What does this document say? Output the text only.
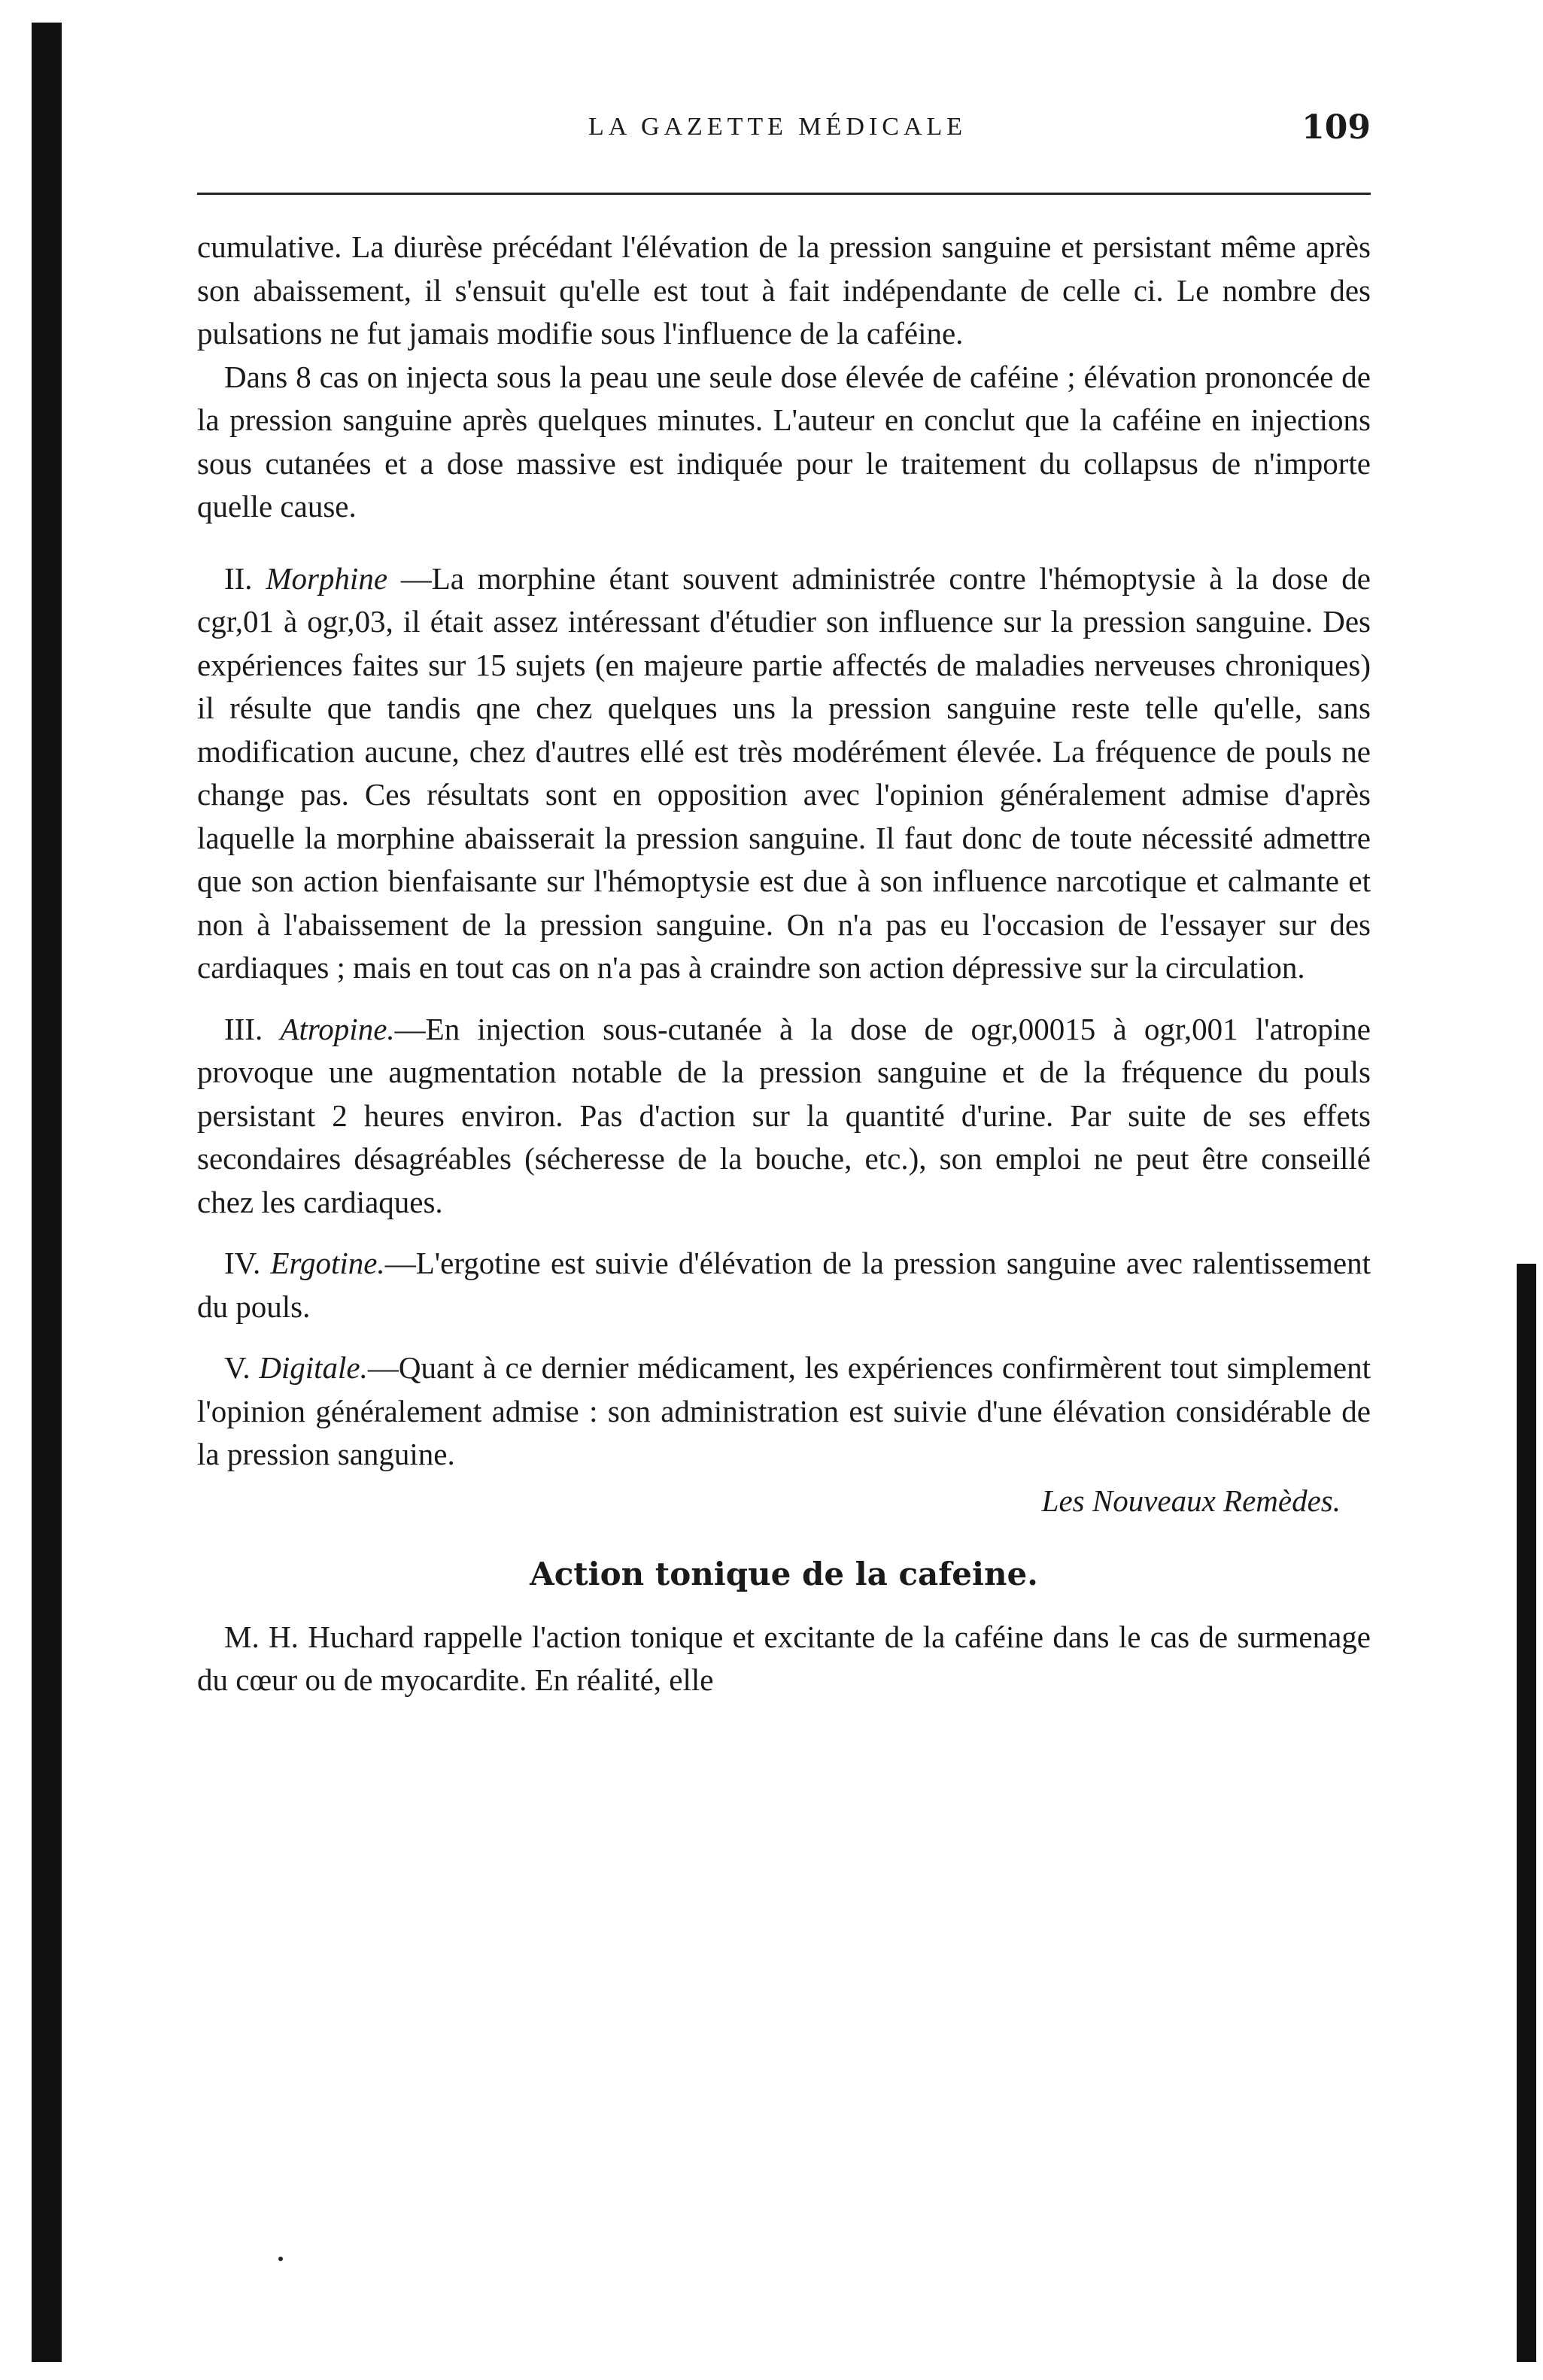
LA GAZETTE MÉDICALE	109

cumulative. La diurèse précédant l'élévation de la pression sanguine et persistant même après son abaissement, il s'ensuit qu'elle est tout à fait indépendante de celle ci. Le nombre des pulsations ne fut jamais modifie sous l'influence de la caféine.

Dans 8 cas on injecta sous la peau une seule dose élevée de caféine ; élévation prononcée de la pression sanguine après quelques minutes. L'auteur en conclut que la caféine en injections sous cutanées et a dose massive est indiquée pour le traitement du collapsus de n'importe quelle cause.

II. Morphine —La morphine étant souvent administrée contre l'hémoptysie à la dose de cgr,01 à ogr,03, il était assez intéressant d'étudier son influence sur la pression sanguine. Des expériences faites sur 15 sujets (en majeure partie affectés de maladies nerveuses chroniques) il résulte que tandis qne chez quelques uns la pression sanguine reste telle qu'elle, sans modification aucune, chez d'autres ellé est très modérément élevée. La fréquence de pouls ne change pas. Ces résultats sont en opposition avec l'opinion généralement admise d'après laquelle la morphine abaisserait la pression sanguine. Il faut donc de toute nécessité admettre que son action bienfaisante sur l'hémoptysie est due à son influence narcotique et calmante et non à l'abaissement de la pression sanguine. On n'a pas eu l'occasion de l'essayer sur des cardiaques ; mais en tout cas on n'a pas à craindre son action dépressive sur la circulation.

III. Atropine.—En injection sous-cutanée à la dose de ogr,00015 à ogr,001 l'atropine provoque une augmentation notable de la pression sanguine et de la fréquence du pouls persistant 2 heures environ. Pas d'action sur la quantité d'urine. Par suite de ses effets secondaires désagréables (sécheresse de la bouche, etc.), son emploi ne peut être conseillé chez les cardiaques.

IV. Ergotine.—L'ergotine est suivie d'élévation de la pression sanguine avec ralentissement du pouls.

V. Digitale.—Quant à ce dernier médicament, les expériences confirmèrent tout simplement l'opinion généralement admise : son administration est suivie d'une élévation considérable de la pression sanguine.

Les Nouveaux Remèdes.

Action tonique de la cafeine.

M. H. Huchard rappelle l'action tonique et excitante de la caféine dans le cas de surmenage du cœur ou de myocardite. En réalité, elle
